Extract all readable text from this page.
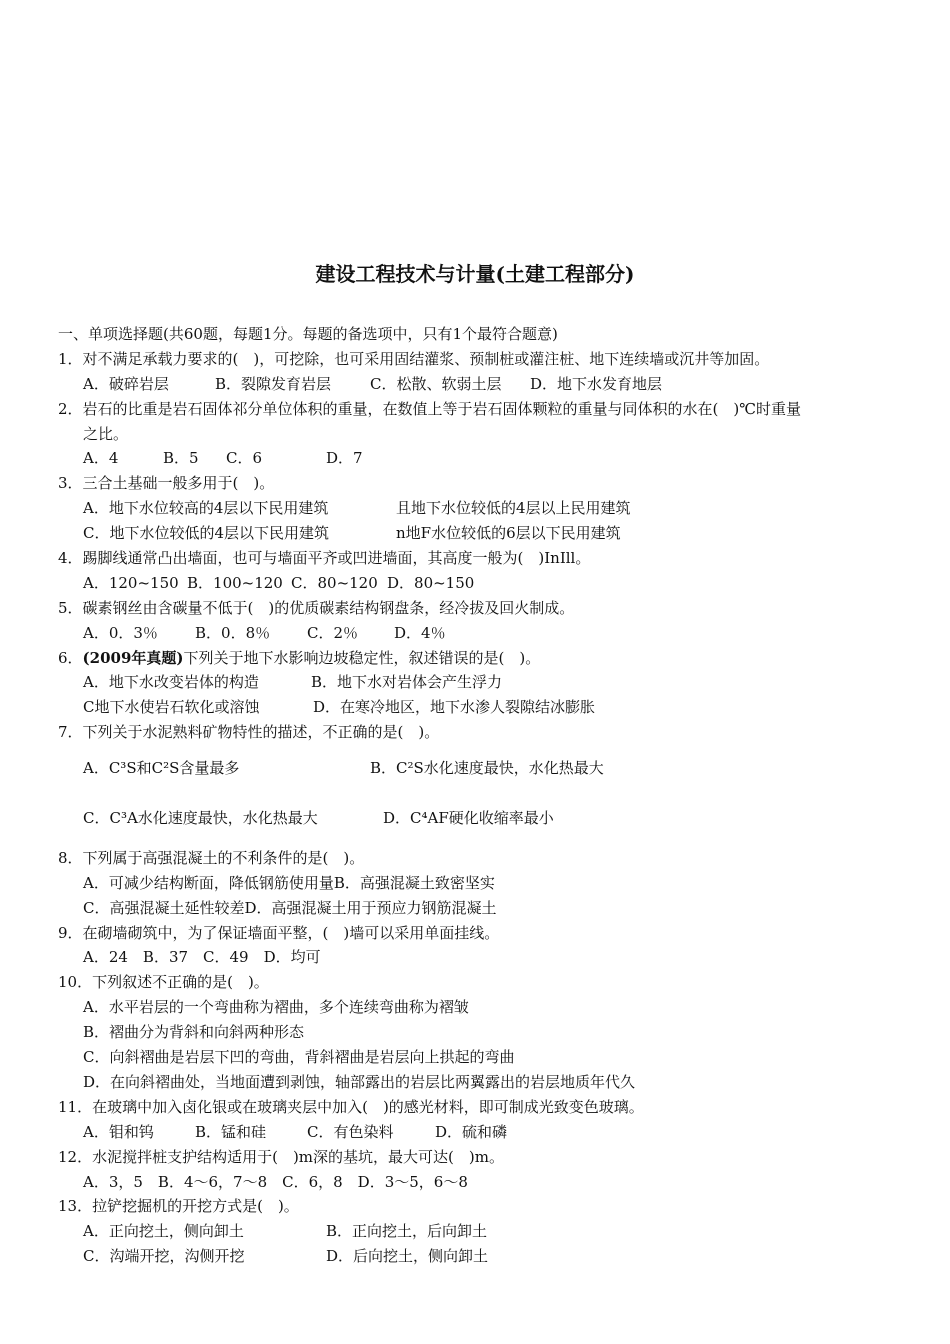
建设工程技术与计量(土建工程部分)
一、单项选择题(共60题，每题1分。每题的备选项中，只有1个最符合题意)
1．对不满足承载力要求的(　)，可挖除，也可采用固结灌浆、预制桩或灌注桩、地下连续墙或沉井等加固。
A．破碎岩层	B．裂隙发育岩层	C．松散、软弱土层 D．地下水发育地层
2．岩石的比重是岩石固体祁分单位体积的重量，在数值上等于岩石固体颗粒的重量与同体积的水在(　)℃时重量
之比。
A．4	B．5 C．6	D．7
3．三合土基础一般多用于(　)。
A．地下水位较高的4层以下民用建筑	且地下水位较低的4层以上民用建筑
C．地下水位较低的4层以下民用建筑	n地F水位较低的6层以下民用建筑
4．踢脚线通常凸出墙面，也可与墙面平齐或凹进墙面，其高度一般为(　)InIll。
A．120~150 B．100~120 C．80~120 D．80~150
5．碳素钢丝由含碳量不低于(　)的优质碳素结构钢盘条，经冷拔及回火制成。
A．0．3％ B．0．8％ C．2％ D．4％
6．(2009年真题)下列关于地下水影响边坡稳定性，叙述错误的是(　)。
A．地下水改变岩体的构造	B．地下水对岩体会产生浮力
C地下水使岩石软化或溶蚀	D．在寒冷地区，地下水渗人裂隙结冰膨胀
7．下列关于水泥熟料矿物特性的描述，不正确的是(　)。
A．C³S和C²S含量最多	B．C²S水化速度最快，水化热最大
C．C³A水化速度最快，水化热最大	D．C⁴AF硬化收缩率最小
8．下列属于高强混凝土的不利条件的是(　)。
A．可减少结构断面，降低钢筋使用量B．高强混凝土致密坚实
C．高强混凝土延性较差D．高强混凝土用于预应力钢筋混凝土
9．在砌墙砌筑中，为了保证墙面平整，(　)墙可以采用单面挂线。
A．24　B．37　C．49　D．均可
10．下列叙述不正确的是(　)。
A．水平岩层的一个弯曲称为褶曲，多个连续弯曲称为褶皱
B．褶曲分为背斜和向斜两种形态
C．向斜褶曲是岩层下凹的弯曲，背斜褶曲是岩层向上拱起的弯曲
D．在向斜褶曲处，当地面遭到剥蚀，轴部露出的岩层比两翼露出的岩层地质年代久
11．在玻璃中加入卤化银或在玻璃夹层中加入(　)的感光材料，即可制成光致变色玻璃。
A．钼和钨	B．锰和硅	C．有色染料	D．硫和磷
12．水泥搅拌桩支护结构适用于(　)m深的基坑，最大可达(　)m。
A．3，5　B．4～6，7～8　C．6，8　D．3～5，6～8
13．拉铲挖掘机的开挖方式是(　)。
A．正向挖土，侧向卸土	B．正向挖土，后向卸土
C．沟端开挖，沟侧开挖	D．后向挖土，侧向卸土
